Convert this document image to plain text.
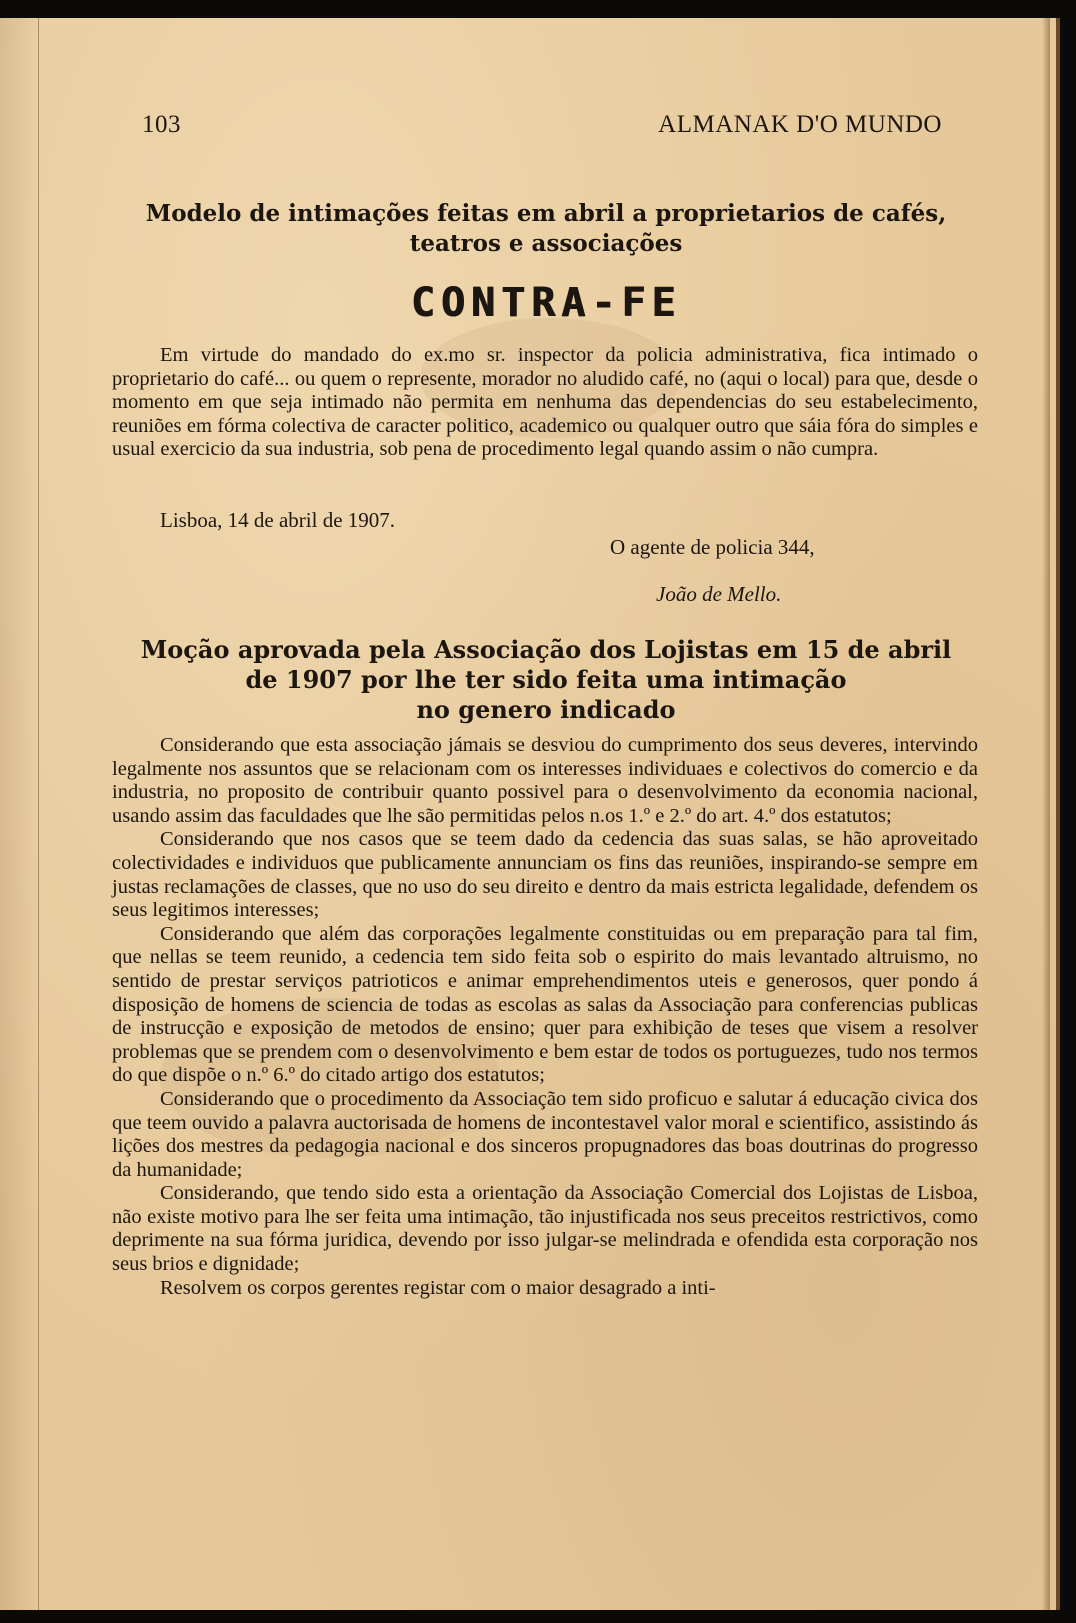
103	ALMANAK D'O MUNDO
Modelo de intimações feitas em abril a proprietarios de cafés,
teatros e associações
CONTRA-FE

Em virtude do mandado do ex.mo sr. inspector da policia administrativa, fica intimado o proprietario do café... ou quem o represente, morador no aludido café, no (aqui o local) para que, desde o momento em que seja intimado não permita em nenhuma das dependencias do seu estabelecimento, reuniões em fórma colectiva de caracter politico, academico ou qualquer outro que sáia fóra do simples e usual exercicio da sua industria, sob pena de procedimento legal quando assim o não cumpra.

Lisboa, 14 de abril de 1907.
O agente de policia 344,
João de Mello.
Moção aprovada pela Associação dos Lojistas em 15 de abril
de 1907 por lhe ter sido feita uma intimação
no genero indicado

Considerando que esta associação jámais se desviou do cumprimento dos seus deveres, intervindo legalmente nos assuntos que se relacionam com os interesses individuaes e colectivos do comercio e da industria, no proposito de contribuir quanto possivel para o desenvolvimento da economia nacional, usando assim das faculdades que lhe são permitidas pelos n.os 1.º e 2.º do art. 4.º dos estatutos;

Considerando que nos casos que se teem dado da cedencia das suas salas, se hão aproveitado colectividades e individuos que publicamente annunciam os fins das reuniões, inspirando-se sempre em justas reclamações de classes, que no uso do seu direito e dentro da mais estricta legalidade, defendem os seus legitimos interesses;

Considerando que além das corporações legalmente constituidas ou em preparação para tal fim, que nellas se teem reunido, a cedencia tem sido feita sob o espirito do mais levantado altruismo, no sentido de prestar serviços patrioticos e animar emprehendimentos uteis e generosos, quer pondo á disposição de homens de sciencia de todas as escolas as salas da Associação para conferencias publicas de instrucção e exposição de metodos de ensino; quer para exhibição de teses que visem a resolver problemas que se prendem com o desenvolvimento e bem estar de todos os portuguezes, tudo nos termos do que dispõe o n.º 6.º do citado artigo dos estatutos;

Considerando que o procedimento da Associação tem sido proficuo e salutar á educação civica dos que teem ouvido a palavra auctorisada de homens de incontestavel valor moral e scientifico, assistindo ás lições dos mestres da pedagogia nacional e dos sinceros propugnadores das boas doutrinas do progresso da humanidade;

Considerando, que tendo sido esta a orientação da Associação Comercial dos Lojistas de Lisboa, não existe motivo para lhe ser feita uma intimação, tão injustificada nos seus preceitos restrictivos, como deprimente na sua fórma juridica, devendo por isso julgar-se melindrada e ofendida esta corporação nos seus brios e dignidade;

Resolvem os corpos gerentes registar com o maior desagrado a inti-
